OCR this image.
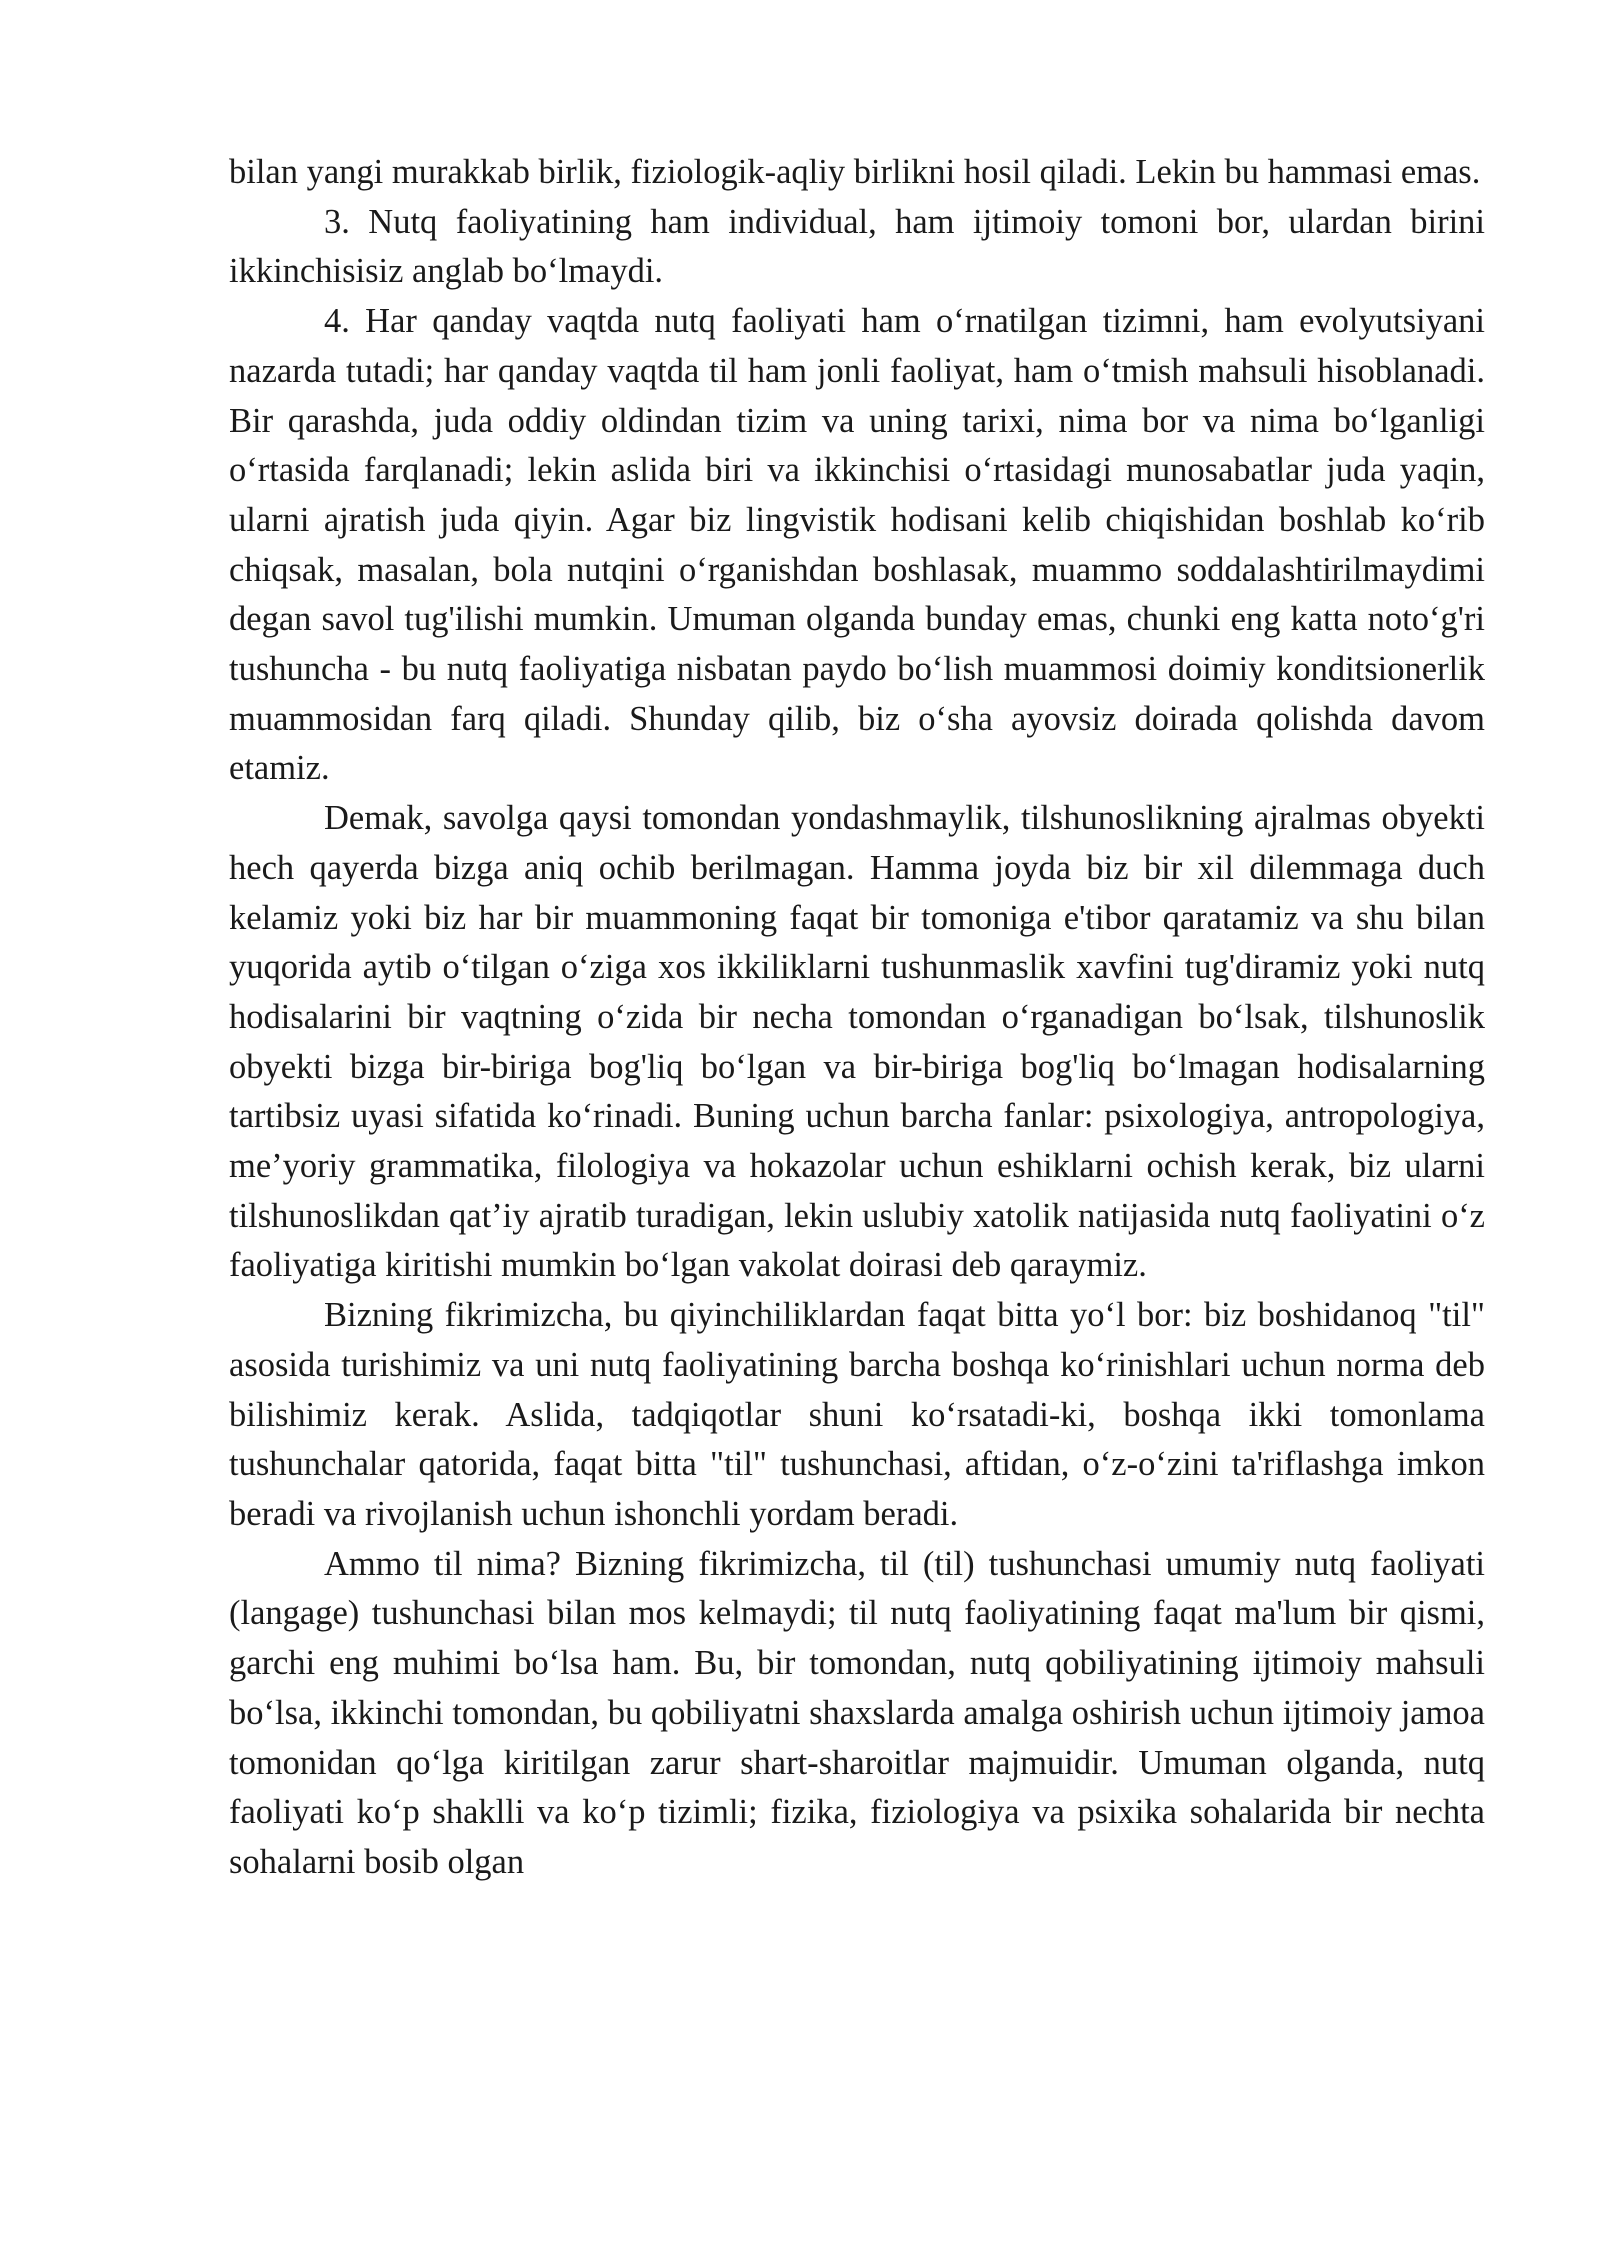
bilan yangi murakkab birlik, fiziologik-aqliy birlikni hosil qiladi. Lekin bu hammasi emas.

3. Nutq faoliyatining ham individual, ham ijtimoiy tomoni bor, ulardan birini ikkinchisisiz anglab bo‘lmaydi.

4. Har qanday vaqtda nutq faoliyati ham o‘rnatilgan tizimni, ham evolyutsiyani nazarda tutadi; har qanday vaqtda til ham jonli faoliyat, ham o‘tmish mahsuli hisoblanadi. Bir qarashda, juda oddiy oldindan tizim va uning tarixi, nima bor va nima bo‘lganligi o‘rtasida farqlanadi; lekin aslida biri va ikkinchisi o‘rtasidagi munosabatlar juda yaqin, ularni ajratish juda qiyin. Agar biz lingvistik hodisani kelib chiqishidan boshlab ko‘rib chiqsak, masalan, bola nutqini o‘rganishdan boshlasak, muammo soddalashtirilmaydimi degan savol tug'ilishi mumkin. Umuman olganda bunday emas, chunki eng katta noto‘g'ri tushuncha - bu nutq faoliyatiga nisbatan paydo bo‘lish muammosi doimiy konditsionerlik muammosidan farq qiladi. Shunday qilib, biz o‘sha ayovsiz doirada qolishda davom etamiz.

Demak, savolga qaysi tomondan yondashmaylik, tilshunoslikning ajralmas obyekti hech qayerda bizga aniq ochib berilmagan. Hamma joyda biz bir xil dilemmaga duch kelamiz yoki biz har bir muammoning faqat bir tomoniga e'tibor qaratamiz va shu bilan yuqorida aytib o‘tilgan o‘ziga xos ikkiliklarni tushunmaslik xavfini tug'diramiz yoki nutq hodisalarini bir vaqtning o‘zida bir necha tomondan o‘rganadigan bo‘lsak, tilshunoslik obyekti bizga bir-biriga bog'liq bo‘lgan va bir-biriga bog'liq bo‘lmagan hodisalarning tartibsiz uyasi sifatida ko‘rinadi. Buning uchun barcha fanlar: psixologiya, antropologiya, me’yoriy grammatika, filologiya va hokazolar uchun eshiklarni ochish kerak, biz ularni tilshunoslikdan qat’iy ajratib turadigan, lekin uslubiy xatolik natijasida nutq faoliyatini o‘z faoliyatiga kiritishi mumkin bo‘lgan vakolat doirasi deb qaraymiz.

Bizning fikrimizcha, bu qiyinchiliklardan faqat bitta yo‘l bor: biz boshidanoq "til" asosida turishimiz va uni nutq faoliyatining barcha boshqa ko‘rinishlari uchun norma deb bilishimiz kerak. Aslida, tadqiqotlar shuni ko‘rsatadi-ki, boshqa ikki tomonlama tushunchalar qatorida, faqat bitta "til" tushunchasi, aftidan, o‘z-o‘zini ta'riflashga imkon beradi va rivojlanish uchun ishonchli yordam beradi.

Ammo til nima? Bizning fikrimizcha, til (til) tushunchasi umumiy nutq faoliyati (langage) tushunchasi bilan mos kelmaydi; til nutq faoliyatining faqat ma'lum bir qismi, garchi eng muhimi bo‘lsa ham. Bu, bir tomondan, nutq qobiliyatining ijtimoiy mahsuli bo‘lsa, ikkinchi tomondan, bu qobiliyatni shaxslarda amalga oshirish uchun ijtimoiy jamoa tomonidan qo‘lga kiritilgan zarur shart-sharoitlar majmuidir. Umuman olganda, nutq faoliyati ko‘p shaklli va ko‘p tizimli; fizika, fiziologiya va psixika sohalarida bir nechta sohalarni bosib olgan
